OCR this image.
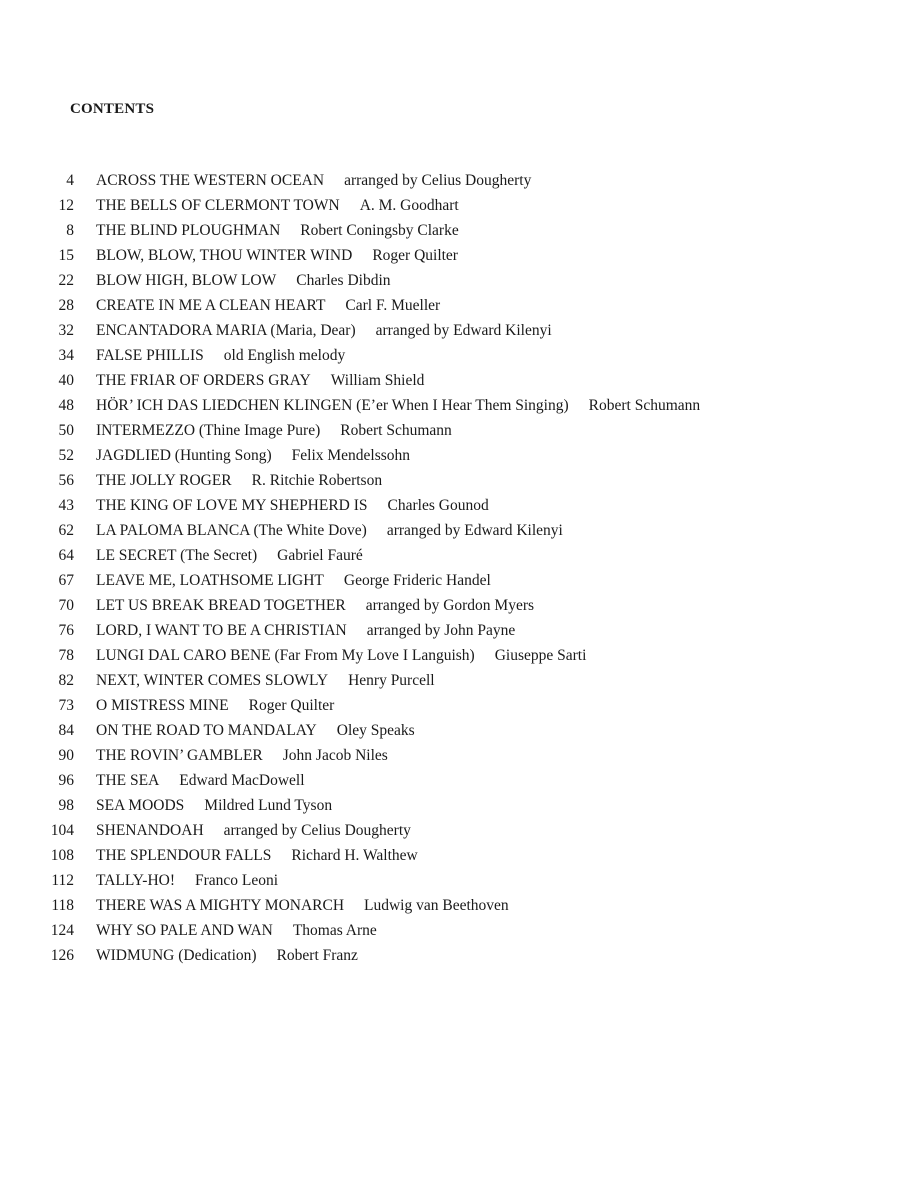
CONTENTS
4 ACROSS THE WESTERN OCEAN arranged by Celius Dougherty
12 THE BELLS OF CLERMONT TOWN A. M. Goodhart
8 THE BLIND PLOUGHMAN Robert Coningsby Clarke
15 BLOW, BLOW, THOU WINTER WIND Roger Quilter
22 BLOW HIGH, BLOW LOW Charles Dibdin
28 CREATE IN ME A CLEAN HEART Carl F. Mueller
32 ENCANTADORA MARIA (Maria, Dear) arranged by Edward Kilenyi
34 FALSE PHILLIS old English melody
40 THE FRIAR OF ORDERS GRAY William Shield
48 HÖR’ ICH DAS LIEDCHEN KLINGEN (E’er When I Hear Them Singing) Robert Schumann
50 INTERMEZZO (Thine Image Pure) Robert Schumann
52 JAGDLIED (Hunting Song) Felix Mendelssohn
56 THE JOLLY ROGER R. Ritchie Robertson
43 THE KING OF LOVE MY SHEPHERD IS Charles Gounod
62 LA PALOMA BLANCA (The White Dove) arranged by Edward Kilenyi
64 LE SECRET (The Secret) Gabriel Fauré
67 LEAVE ME, LOATHSOME LIGHT George Frideric Handel
70 LET US BREAK BREAD TOGETHER arranged by Gordon Myers
76 LORD, I WANT TO BE A CHRISTIAN arranged by John Payne
78 LUNGI DAL CARO BENE (Far From My Love I Languish) Giuseppe Sarti
82 NEXT, WINTER COMES SLOWLY Henry Purcell
73 O MISTRESS MINE Roger Quilter
84 ON THE ROAD TO MANDALAY Oley Speaks
90 THE ROVIN’ GAMBLER John Jacob Niles
96 THE SEA Edward MacDowell
98 SEA MOODS Mildred Lund Tyson
104 SHENANDOAH arranged by Celius Dougherty
108 THE SPLENDOUR FALLS Richard H. Walthew
112 TALLY-HO! Franco Leoni
118 THERE WAS A MIGHTY MONARCH Ludwig van Beethoven
124 WHY SO PALE AND WAN Thomas Arne
126 WIDMUNG (Dedication) Robert Franz
